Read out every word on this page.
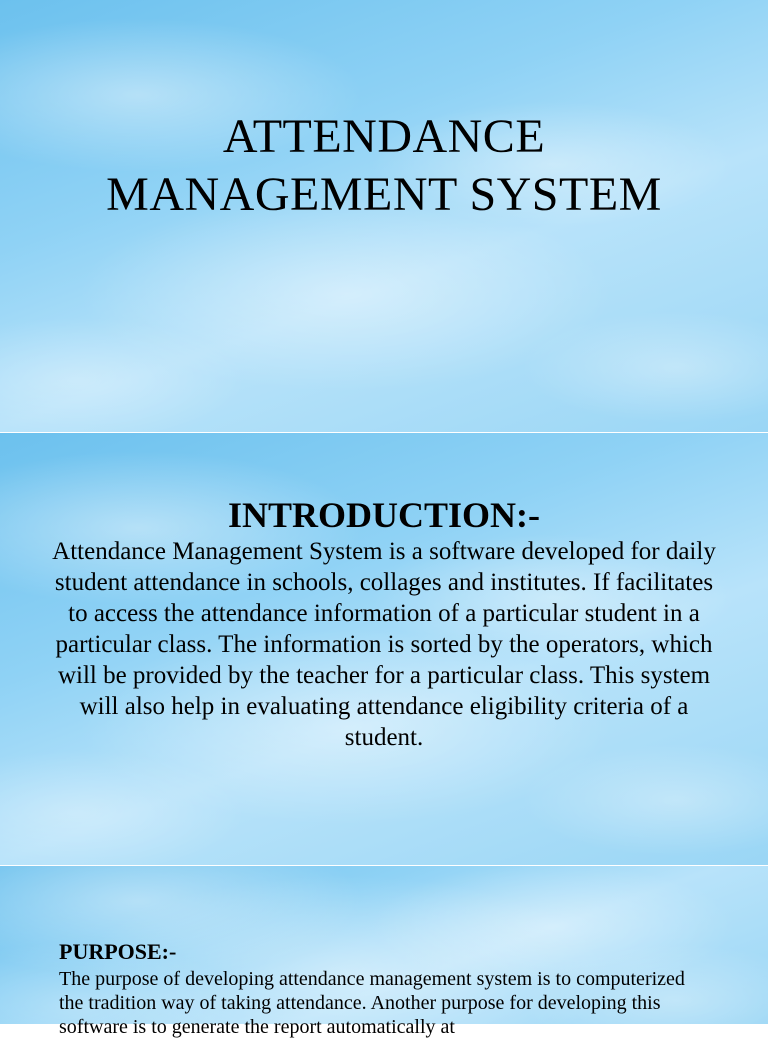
ATTENDANCE
MANAGEMENT SYSTEM
INTRODUCTION:-
Attendance Management System is a software developed for daily student attendance in schools, collages and institutes. If facilitates to access the attendance information of a particular student in a particular class. The information is sorted by the operators, which will be provided by the teacher for a particular class. This system will also help in evaluating attendance eligibility criteria of a student.
PURPOSE:-
The purpose of developing attendance management system is to computerized the tradition way of taking attendance. Another purpose for developing this software is to generate the report automatically at
